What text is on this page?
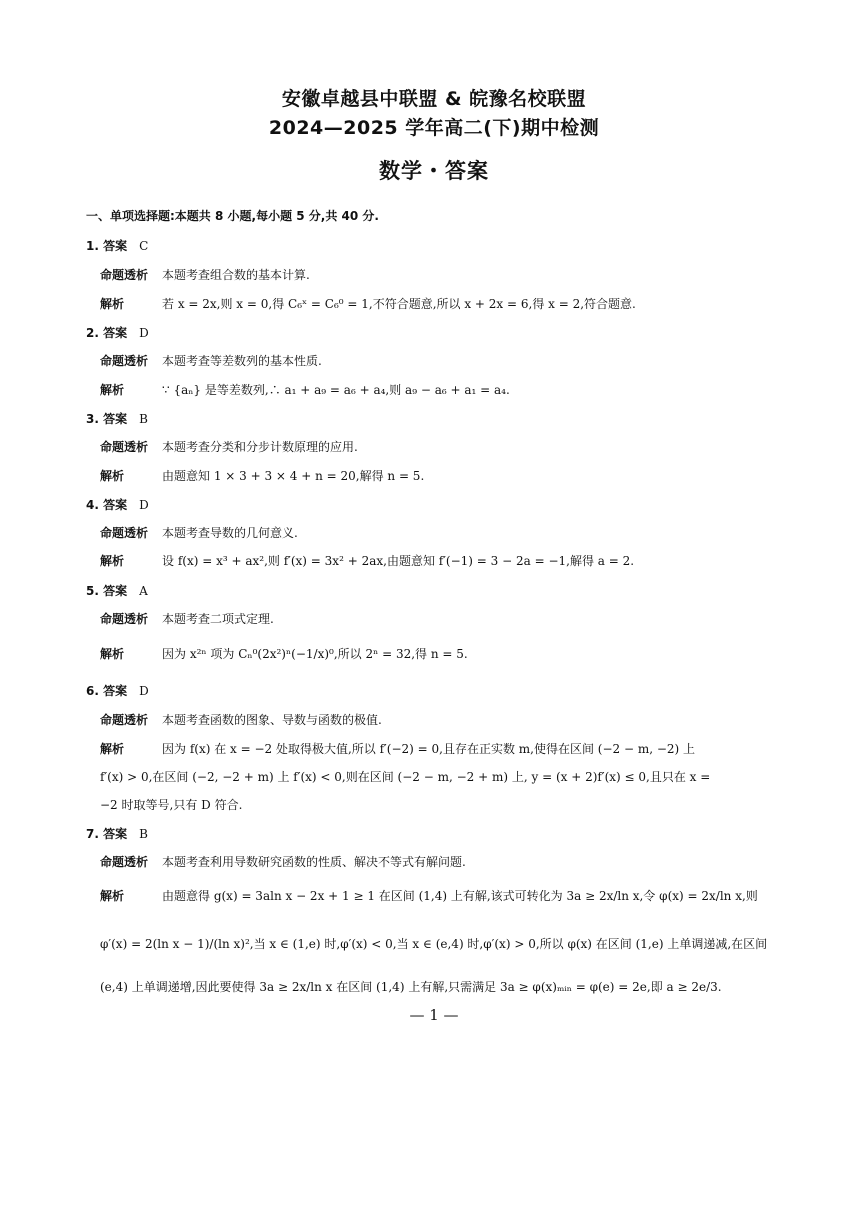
安徽卓越县中联盟 & 皖豫名校联盟
2024—2025 学年高二(下)期中检测
数学・答案
一、单项选择题:本题共 8 小题,每小题 5 分,共 40 分.
1. 答案 C
命题透析 本题考查组合数的基本计算.
解析	若 x = 2x,则 x = 0,得 C₆ˣ = C₆⁰ = 1,不符合题意,所以 x + 2x = 6,得 x = 2,符合题意.
2. 答案 D
命题透析 本题考查等差数列的基本性质.
解析	∵ {aₙ} 是等差数列,∴ a₁ + a₉ = a₆ + a₄,则 a₉ − a₆ + a₁ = a₄.
3. 答案 B
命题透析 本题考查分类和分步计数原理的应用.
解析	由题意知 1 × 3 + 3 × 4 + n = 20,解得 n = 5.
4. 答案 D
命题透析 本题考查导数的几何意义.
解析	设 f(x) = x³ + ax²,则 f′(x) = 3x² + 2ax,由题意知 f′(−1) = 3 − 2a = −1,解得 a = 2.
5. 答案 A
命题透析 本题考查二项式定理.
解析	因为 x²ⁿ 项为 Cₙ⁰(2x²)ⁿ(−1/x)⁰,所以 2ⁿ = 32,得 n = 5.
6. 答案 D
命题透析 本题考查函数的图象、导数与函数的极值.
解析	因为 f(x) 在 x = −2 处取得极大值,所以 f′(−2) = 0,且存在正实数 m,使得在区间 (−2 − m, −2) 上
f′(x) > 0,在区间 (−2, −2 + m) 上 f′(x) < 0,则在区间 (−2 − m, −2 + m) 上, y = (x + 2)f′(x) ≤ 0,且只在 x =
−2 时取等号,只有 D 符合.
7. 答案 B
命题透析 本题考查利用导数研究函数的性质、解决不等式有解问题.
解析	由题意得 g(x) = 3aln x − 2x + 1 ≥ 1 在区间 (1,4) 上有解,该式可转化为 3a ≥ 2x/ln x,令 φ(x) = 2x/ln x,则
φ′(x) = 2(ln x − 1)/(ln x)²,当 x ∈ (1,e) 时,φ′(x) < 0,当 x ∈ (e,4) 时,φ′(x) > 0,所以 φ(x) 在区间 (1,e) 上单调递减,在区间
(e,4) 上单调递增,因此要使得 3a ≥ 2x/ln x 在区间 (1,4) 上有解,只需满足 3a ≥ φ(x)ₘᵢₙ = φ(e) = 2e,即 a ≥ 2e/3.
— 1 —
